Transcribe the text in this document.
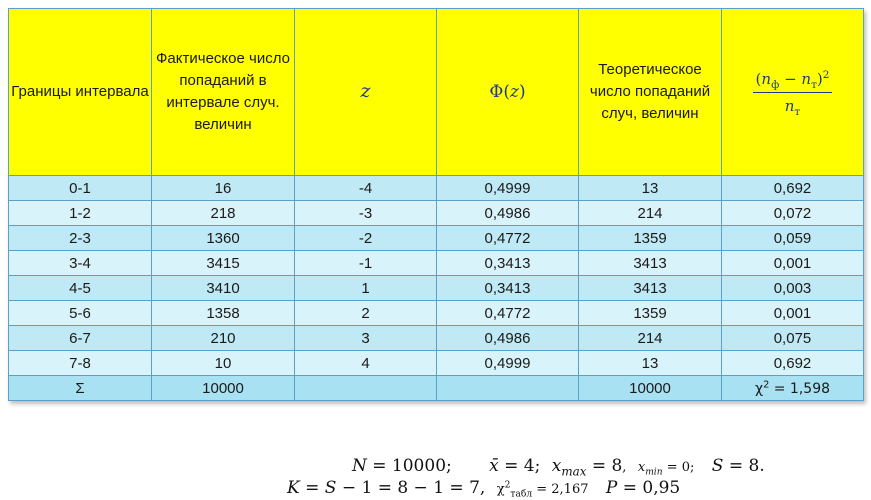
Границы интервала	Фактическое число попаданий в интервале случ. величин	z	Φ(z)	Теоретическое число попаданий случ, величин	$\frac{(n_ф - n_т)^2}{n_т}$

0-1	16	-4	0,4999	13	0,692
1-2	218	-3	0,4986	214	0,072
2-3	1360	-2	0,4772	1359	0,059
3-4	3415	-1	0,3413	3413	0,001
4-5	3410	1	0,3413	3413	0,003
5-6	1358	2	0,4772	1359	0,001
6-7	210	3	0,4986	214	0,075
7-8	10	4	0,4999	13	0,692
Σ	10000			10000	$\chi^2 = 1,598$
N = 10000; x̄ = 4; $x_{max} = 8$, $x_{min} = 0$; S = 8.
K = S − 1 = 8 − 1 = 7, $\chi^2_{табл} = 2,167$ P = 0,95
